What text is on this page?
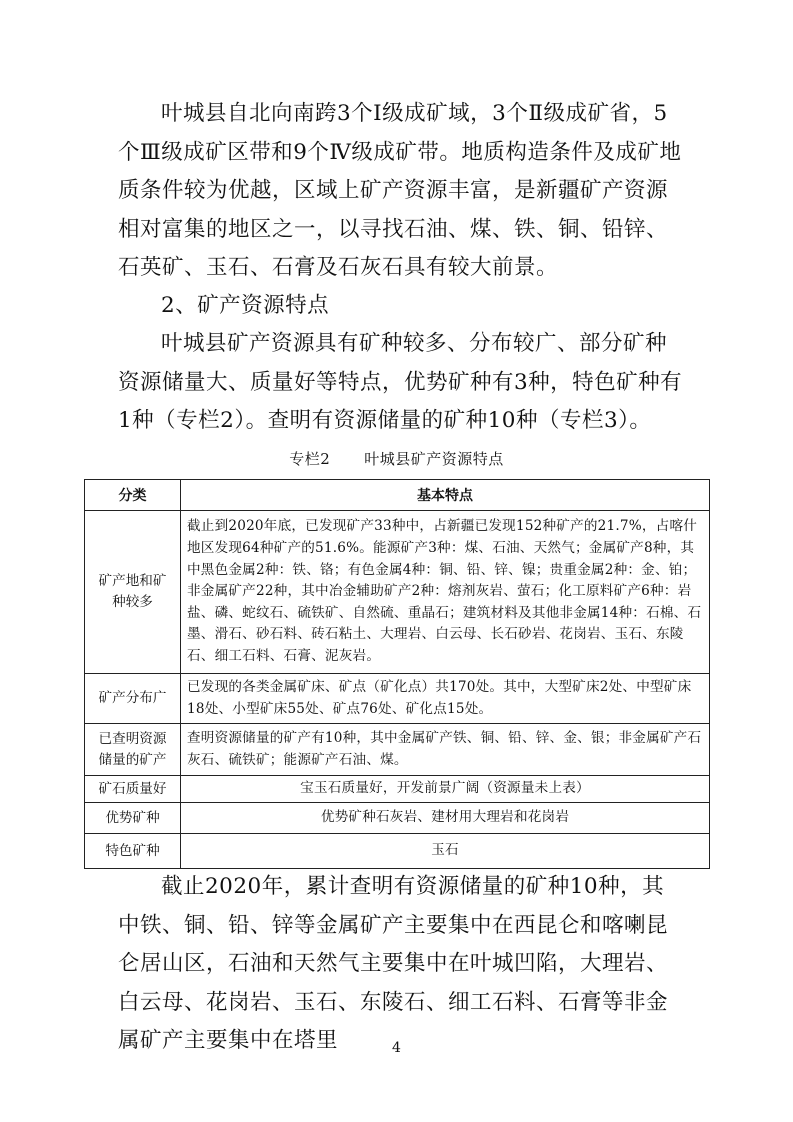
叶城县自北向南跨3个Ⅰ级成矿域，3个Ⅱ级成矿省，5个Ⅲ级成矿区带和9个Ⅳ级成矿带。地质构造条件及成矿地质条件较为优越，区域上矿产资源丰富，是新疆矿产资源相对富集的地区之一，以寻找石油、煤、铁、铜、铅锌、石英矿、玉石、石膏及石灰石具有较大前景。

2、矿产资源特点

叶城县矿产资源具有矿种较多、分布较广、部分矿种资源储量大、质量好等特点，优势矿种有3种，特色矿种有1种（专栏2）。查明有资源储量的矿种10种（专栏3）。

专栏2 叶城县矿产资源特点
分类	基本特点
矿产地和矿种较多	截止到2020年底，已发现矿产33种中，占新疆已发现152种矿产的21.7%，占喀什地区发现64种矿产的51.6%。能源矿产3种：煤、石油、天然气；金属矿产8种，其中黑色金属2种：铁、铬；有色金属4种：铜、铅、锌、镍；贵重金属2种：金、铂；非金属矿产22种，其中冶金辅助矿产2种：熔剂灰岩、萤石；化工原料矿产6种：岩盐、磷、蛇纹石、硫铁矿、自然硫、重晶石；建筑材料及其他非金属14种：石棉、石墨、滑石、砂石料、砖石粘土、大理岩、白云母、长石砂岩、花岗岩、玉石、东陵石、细工石料、石膏、泥灰岩。
矿产分布广	已发现的各类金属矿床、矿点（矿化点）共170处。其中，大型矿床2处、中型矿床18处、小型矿床55处、矿点76处、矿化点15处。
已查明资源储量的矿产	查明资源储量的矿产有10种，其中金属矿产铁、铜、铅、锌、金、银；非金属矿产石灰石、硫铁矿；能源矿产石油、煤。
矿石质量好	宝玉石质量好，开发前景广阔（资源量未上表）
优势矿种	优势矿种石灰岩、建材用大理岩和花岗岩
特色矿种	玉石

截止2020年，累计查明有资源储量的矿种10种，其中铁、铜、铅、锌等金属矿产主要集中在西昆仑和喀喇昆仑居山区，石油和天然气主要集中在叶城凹陷，大理岩、白云母、花岗岩、玉石、东陵石、细工石料、石膏等非金属矿产主要集中在塔里	4
